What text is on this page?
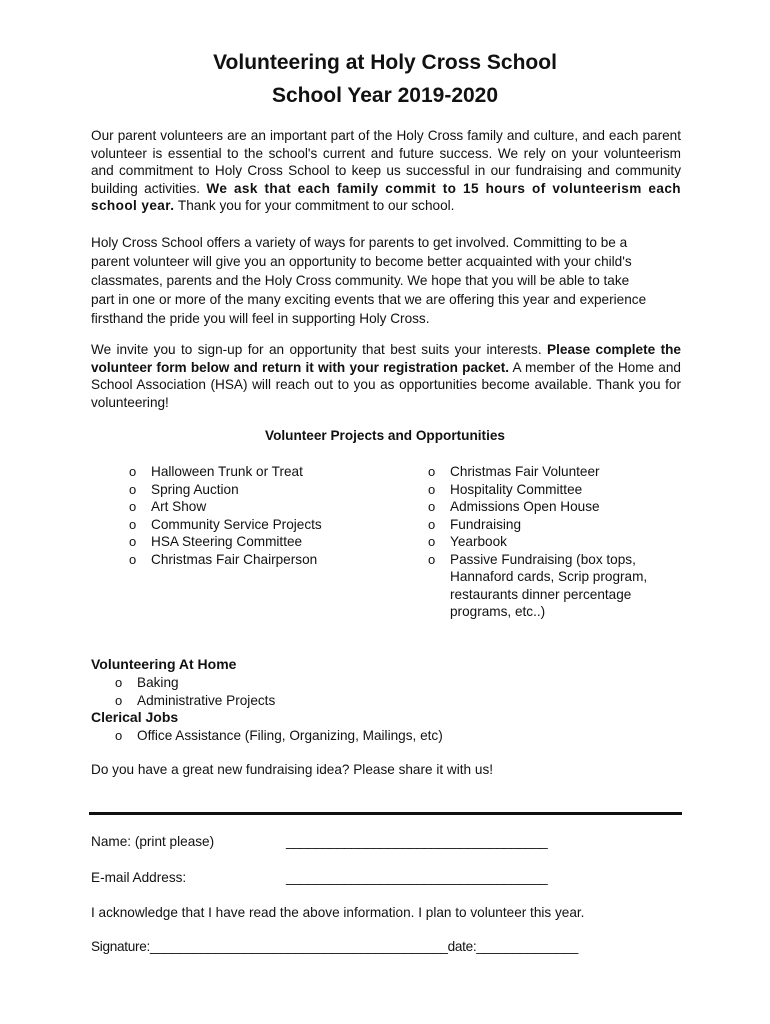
Volunteering at Holy Cross School
School Year 2019-2020

Our parent volunteers are an important part of the Holy Cross family and culture, and each parent volunteer is essential to the school's current and future success. We rely on your volunteerism and commitment to Holy Cross School to keep us successful in our fundraising and community building activities. We ask that each family commit to 15 hours of volunteerism each school year. Thank you for your commitment to our school.

Holy Cross School offers a variety of ways for parents to get involved. Committing to be a parent volunteer will give you an opportunity to become better acquainted with your child's classmates, parents and the Holy Cross community. We hope that you will be able to take part in one or more of the many exciting events that we are offering this year and experience firsthand the pride you will feel in supporting Holy Cross.

We invite you to sign-up for an opportunity that best suits your interests. Please complete the volunteer form below and return it with your registration packet. A member of the Home and School Association (HSA) will reach out to you as opportunities become available. Thank you for volunteering!

Volunteer Projects and Opportunities
o Halloween Trunk or Treat
o Spring Auction
o Art Show
o Community Service Projects
o HSA Steering Committee
o Christmas Fair Chairperson
o Christmas Fair Volunteer
o Hospitality Committee
o Admissions Open House
o Fundraising
o Yearbook
o Passive Fundraising (box tops, Hannaford cards, Scrip program, restaurants dinner percentage programs, etc..)
Volunteering At Home
o Baking
o Administrative Projects
Clerical Jobs
o Office Assistance (Filing, Organizing, Mailings, etc)

Do you have a great new fundraising idea? Please share it with us!

Name: (print please)	____________________________________
E-mail Address:	____________________________________
I acknowledge that I have read the above information. I plan to volunteer this year.
Signature:_________________________________________date:______________
